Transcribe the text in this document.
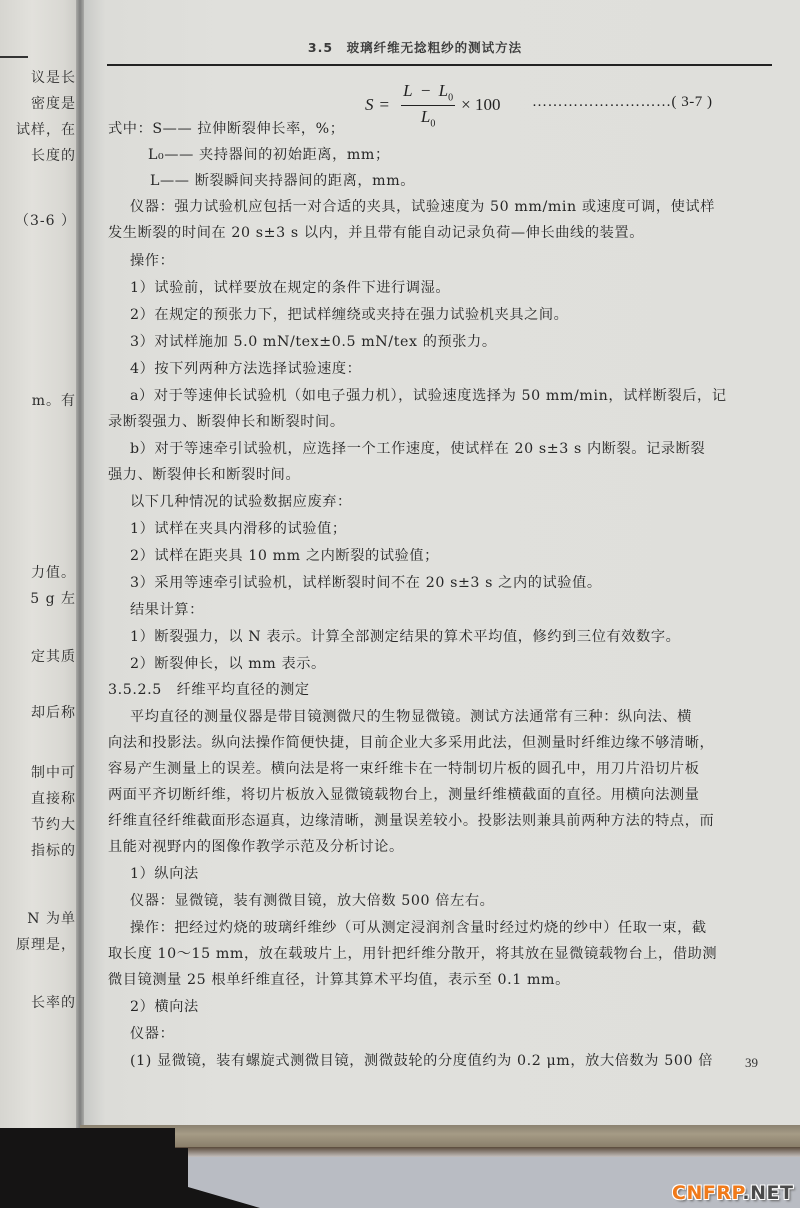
议是长
密度是
试样，在
长度的
（3-6 ）
m。有
力值。
5 g 左
定其质
却后称
制中可
直接称
节约大
指标的
N 为单
原理是，
长率的
3.5　玻璃纤维无捻粗纱的测试方法
$S = \frac{L - L_0}{L_0} \times 100$ ………………………( 3-7 )
式中：S—— 拉伸断裂伸长率，%；
L₀—— 夹持器间的初始距离，mm；
L—— 断裂瞬间夹持器间的距离，mm。
仪器：强力试验机应包括一对合适的夹具，试验速度为 50 mm/min 或速度可调，使试样
发生断裂的时间在 20 s±3 s 以内，并且带有能自动记录负荷—伸长曲线的装置。
操作：
1）试验前，试样要放在规定的条件下进行调湿。
2）在规定的预张力下，把试样缠绕或夹持在强力试验机夹具之间。
3）对试样施加 5.0 mN/tex±0.5 mN/tex 的预张力。
4）按下列两种方法选择试验速度：
a）对于等速伸长试验机（如电子强力机），试验速度选择为 50 mm/min，试样断裂后，记
录断裂强力、断裂伸长和断裂时间。
b）对于等速牵引试验机，应选择一个工作速度，使试样在 20 s±3 s 内断裂。记录断裂
强力、断裂伸长和断裂时间。
以下几种情况的试验数据应废弃：
1）试样在夹具内滑移的试验值；
2）试样在距夹具 10 mm 之内断裂的试验值；
3）采用等速牵引试验机，试样断裂时间不在 20 s±3 s 之内的试验值。
结果计算：
1）断裂强力，以 N 表示。计算全部测定结果的算术平均值，修约到三位有效数字。
2）断裂伸长，以 mm 表示。
3.5.2.5　纤维平均直径的测定
平均直径的测量仪器是带目镜测微尺的生物显微镜。测试方法通常有三种：纵向法、横
向法和投影法。纵向法操作简便快捷，目前企业大多采用此法，但测量时纤维边缘不够清晰，
容易产生测量上的误差。横向法是将一束纤维卡在一特制切片板的圆孔中，用刀片沿切片板
两面平齐切断纤维，将切片板放入显微镜载物台上，测量纤维横截面的直径。用横向法测量
纤维直径纤维截面形态逼真，边缘清晰，测量误差较小。投影法则兼具前两种方法的特点，而
且能对视野内的图像作教学示范及分析讨论。
1）纵向法
仪器：显微镜，装有测微目镜，放大倍数 500 倍左右。
操作：把经过灼烧的玻璃纤维纱（可从测定浸润剂含量时经过灼烧的纱中）任取一束，截
取长度 10～15 mm，放在载玻片上，用针把纤维分散开，将其放在显微镜载物台上，借助测
微目镜测量 25 根单纤维直径，计算其算术平均值，表示至 0.1 mm。
2）横向法
仪器：
(1) 显微镜，装有螺旋式测微目镜，测微鼓轮的分度值约为 0.2 μm，放大倍数为 500 倍 39
CNFRP.NET
